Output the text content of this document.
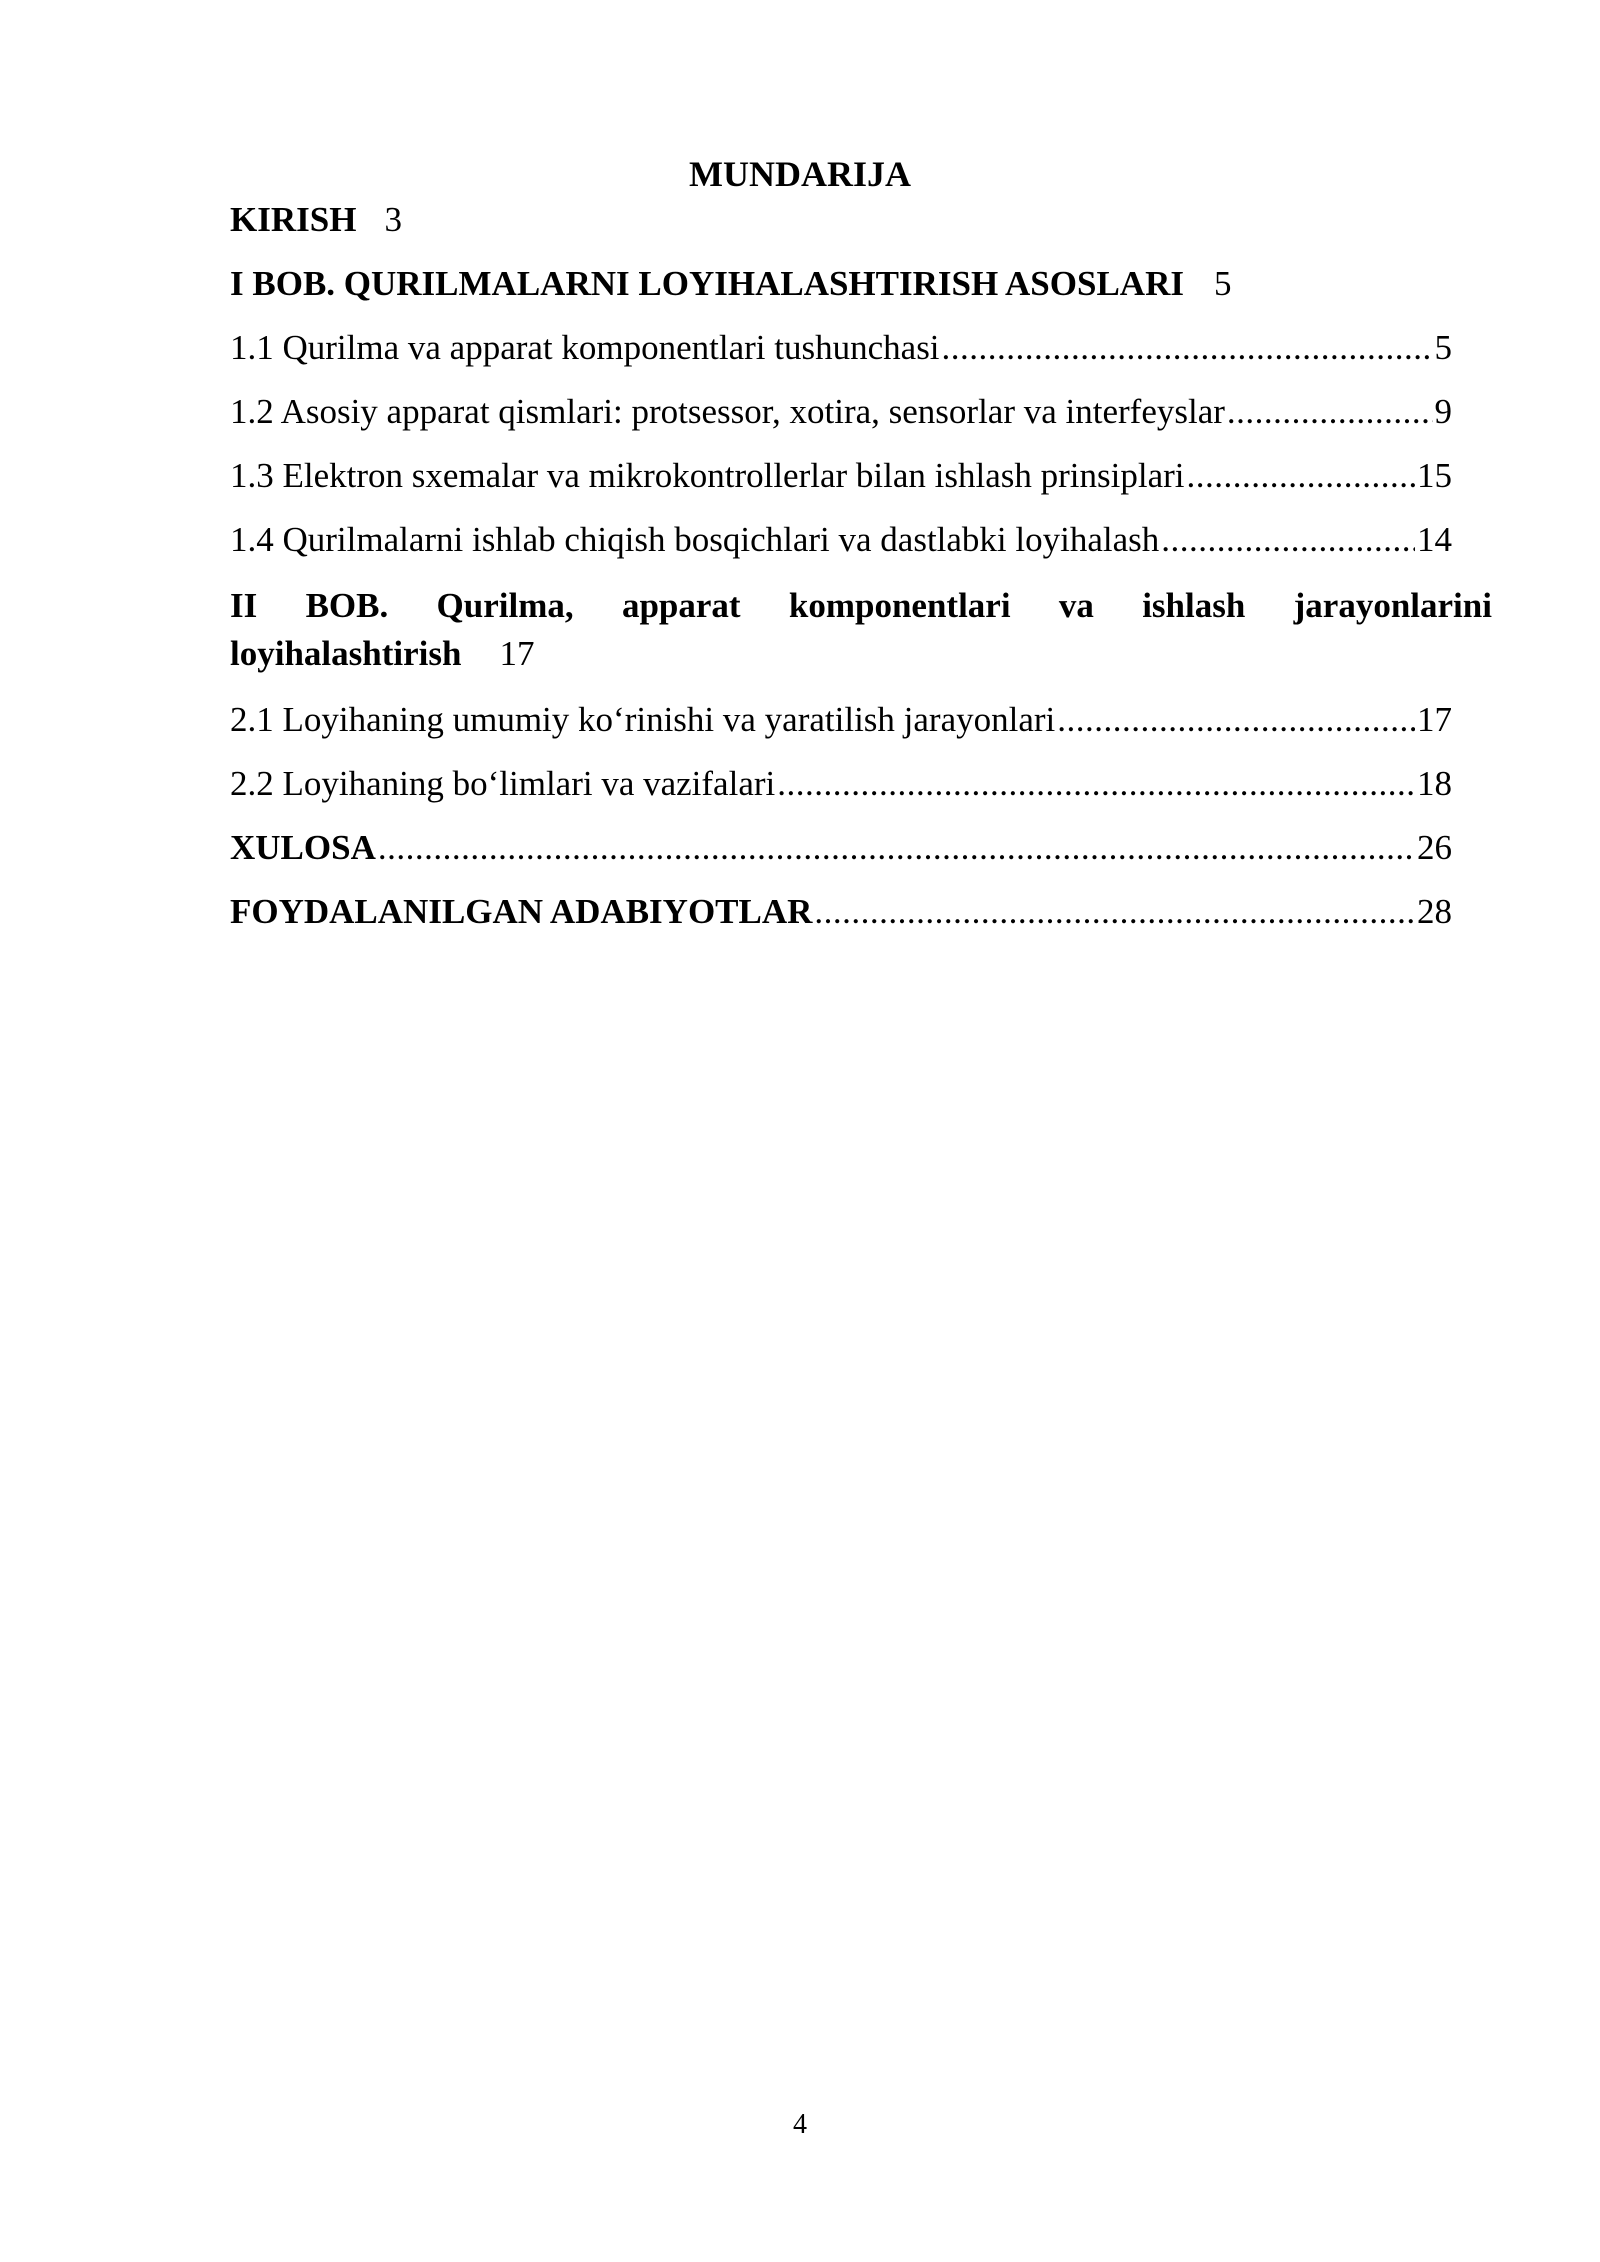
MUNDARIJA
KIRISH 3
I BOB. QURILMALARNI LOYIHALASHTIRISH ASOSLARI 5
1.1 Qurilma va apparat komponentlari tushunchasi .....	5
1.2 Asosiy apparat qismlari: protsessor, xotira, sensorlar va interfeyslar .....	9
1.3 Elektron sxemalar va mikrokontrollerlar bilan ishlash prinsiplari .....	15
1.4 Qurilmalarni ishlab chiqish bosqichlari va dastlabki loyihalash .....	14
II BOB. Qurilma, apparat komponentlari va ishlash jarayonlarini
loyihalashtirish 17
2.1 Loyihaning umumiy ko‘rinishi va yaratilish jarayonlari .....	17
2.2 Loyihaning bo‘limlari va vazifalari .....	18
XULOSA .....	26
FOYDALANILGAN ADABIYOTLAR .....	28
4
